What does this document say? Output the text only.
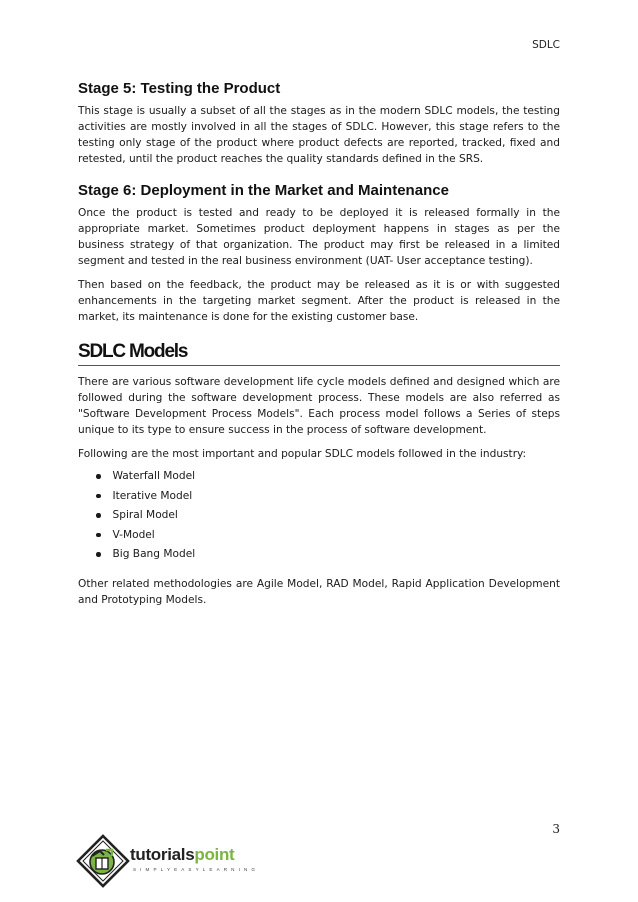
SDLC
Stage 5: Testing the Product

This stage is usually a subset of all the stages as in the modern SDLC models, the testing activities are mostly involved in all the stages of SDLC. However, this stage refers to the testing only stage of the product where product defects are reported, tracked, fixed and retested, until the product reaches the quality standards defined in the SRS.

Stage 6: Deployment in the Market and Maintenance

Once the product is tested and ready to be deployed it is released formally in the appropriate market. Sometimes product deployment happens in stages as per the business strategy of that organization. The product may first be released in a limited segment and tested in the real business environment (UAT- User acceptance testing).

Then based on the feedback, the product may be released as it is or with suggested enhancements in the targeting market segment. After the product is released in the market, its maintenance is done for the existing customer base.

SDLC Models

There are various software development life cycle models defined and designed which are followed during the software development process. These models are also referred as "Software Development Process Models". Each process model follows a Series of steps unique to its type to ensure success in the process of software development.

Following are the most important and popular SDLC models followed in the industry:

Waterfall Model
Iterative Model
Spiral Model
V-Model
Big Bang Model

Other related methodologies are Agile Model, RAD Model, Rapid Application Development and Prototyping Models.

3
tutorialspoint
SIMPLYEASYLEARNING
